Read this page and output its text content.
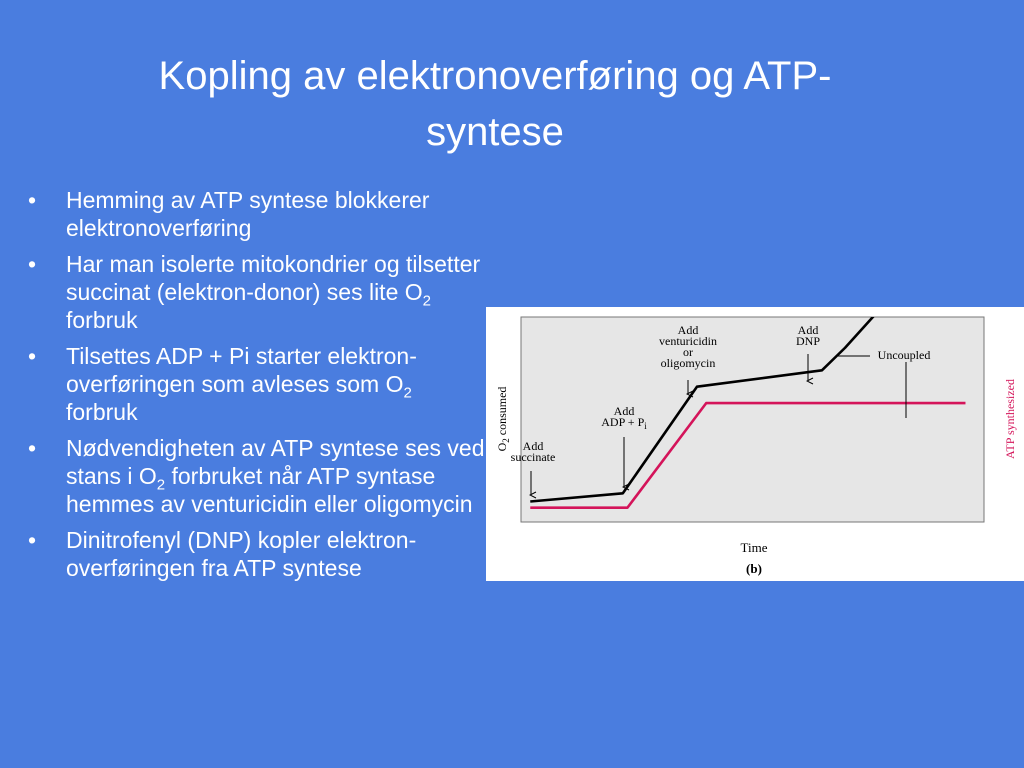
Kopling av elektronoverføring og ATP-
syntese
• Hemming av ATP syntese blokkerer elektronoverføring
• Har man isolerte mitokondrier og tilsetter succinat (elektron-donor) ses lite $O_2$ forbruk
• Tilsettes ADP + Pi starter elektron-overføringen som avleses som $O_2$ forbruk
• Nødvendigheten av ATP syntese ses ved stans i $O_2$ forbruket når ATP syntase hemmes av venturicidin eller oligomycin
• Dinitrofenyl (DNP) kopler elektron-overføringen fra ATP syntese
Add succinate
Add ADP + $P_i$
Add venturicidin or oligomycin
Add DNP
Uncoupled
Time
(b)
$O_2$ consumed	ATP synthesized
